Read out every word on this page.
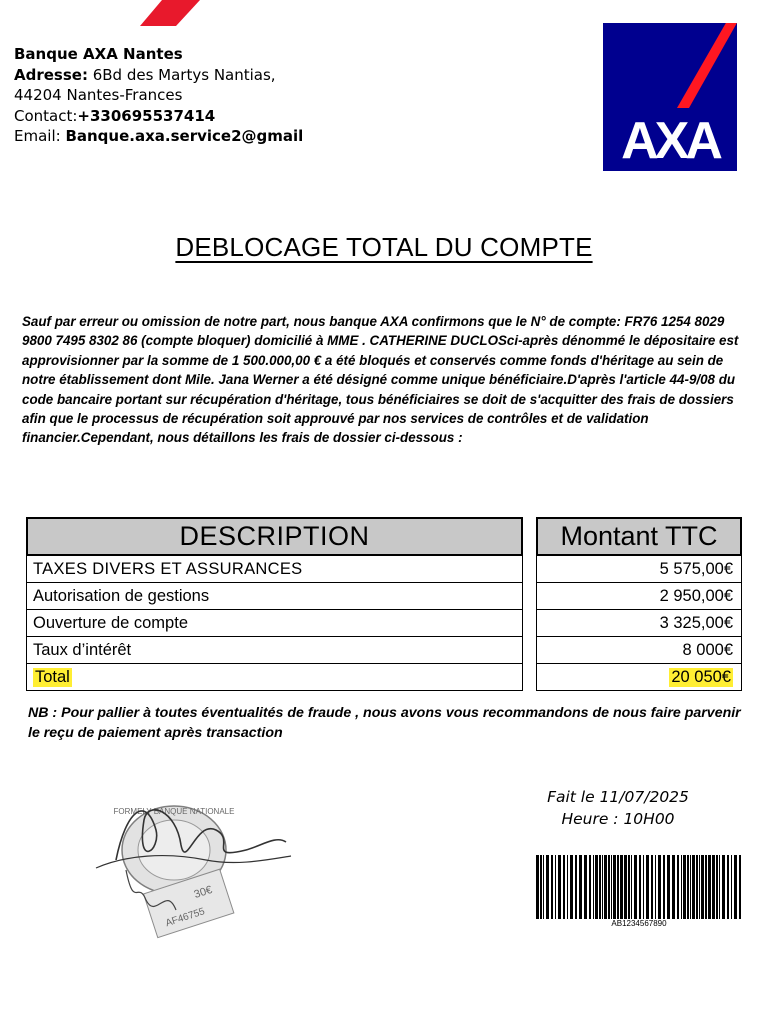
Banque AXA Nantes
Adresse: 6Bd des Martys Nantias,
44204 Nantes-Frances
Contact:+330695537414
Email: Banque.axa.service2@gmail	AXA
DEBLOCAGE TOTAL DU COMPTE

Sauf par erreur ou omission de notre part, nous banque AXA confirmons que le N° de compte: FR76 1254 8029 9800 7495 8302 86 (compte bloquer) domicilié à MME . CATHERINE DUCLOSci-après dénommé le dépositaire est approvisionner par la somme de 1 500.000,00 € a été bloqués et conservés comme fonds d'héritage au sein de notre établissement dont Mile. Jana Werner a été désigné comme unique bénéficiaire.D'après l'article 44-9/08 du code bancaire portant sur récupération d'héritage, tous bénéficiaires se doit de s'acquitter des frais de dossiers afin que le processus de récupération soit approuvé par nos services de contrôles et de validation financier.Cependant, nous détaillons les frais de dossier ci-dessous :

DESCRIPTION
TAXES DIVERS ET ASSURANCES
Autorisation de gestions
Ouverture de compte
Taux d’intérêt
Total
Montant TTC
5 575,00€
2 950,00€
3 325,00€
8 000€
20 050€
NB : Pour pallier à toutes éventualités de fraude , nous avons vous recommandons de nous faire parvenir le reçu de paiement après transaction
Fait le 11/07/2025
Heure : 10H00
FORMELY BANQUE NATIONALE
30€
AF46755	AB1234567890
